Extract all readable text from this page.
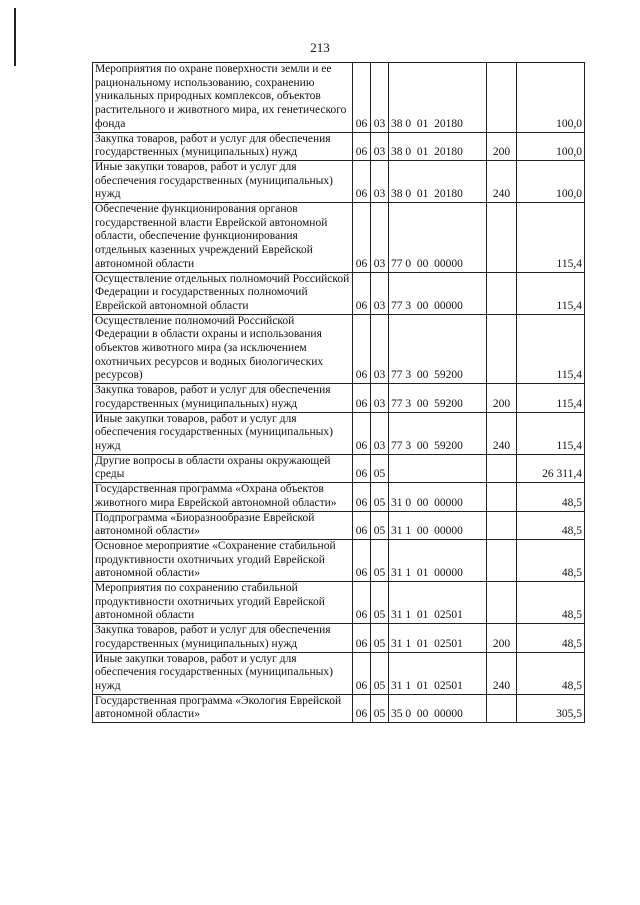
213
Мероприятия по охране поверхности земли и ее рациональному использованию, сохранению уникальных природных комплексов, объектов растительного и животного мира, их генетического фонда	06	03	38 0  01  20180		100,0
Закупка товаров, работ и услуг для обеспечения государственных (муниципальных) нужд	06	03	38 0  01  20180	200	100,0
Иные закупки товаров, работ и услуг для обеспечения государственных (муниципальных) нужд	06	03	38 0  01  20180	240	100,0
Обеспечение функционирования органов государственной власти Еврейской автономной области, обеспечение функционирования отдельных казенных учреждений Еврейской автономной области	06	03	77 0  00  00000		115,4
Осуществление отдельных полномочий Российской Федерации и государственных полномочий Еврейской автономной области	06	03	77 3  00  00000		115,4
Осуществление полномочий Российской Федерации в области охраны и использования объектов животного мира (за исключением охотничьих ресурсов и водных биологических ресурсов)	06	03	77 3  00  59200		115,4
Закупка товаров, работ и услуг для обеспечения государственных (муниципальных) нужд	06	03	77 3  00  59200	200	115,4
Иные закупки товаров, работ и услуг для обеспечения государственных (муниципальных) нужд	06	03	77 3  00  59200	240	115,4
Другие вопросы в области охраны окружающей среды	06	05			26 311,4
Государственная программа «Охрана объектов животного мира Еврейской автономной области»	06	05	31 0  00  00000		48,5
Подпрограмма «Биоразнообразие Еврейской автономной области»	06	05	31 1  00  00000		48,5
Основное мероприятие «Сохранение стабильной продуктивности охотничьих угодий Еврейской автономной области»	06	05	31 1  01  00000		48,5
Мероприятия по сохранению стабильной продуктивности охотничьих угодий Еврейской автономной области	06	05	31 1  01  02501		48,5
Закупка товаров, работ и услуг для обеспечения государственных (муниципальных) нужд	06	05	31 1  01  02501	200	48,5
Иные закупки товаров, работ и услуг для обеспечения государственных (муниципальных) нужд	06	05	31 1  01  02501	240	48,5
Государственная программа «Экология Еврейской автономной области»	06	05	35 0  00  00000		305,5
